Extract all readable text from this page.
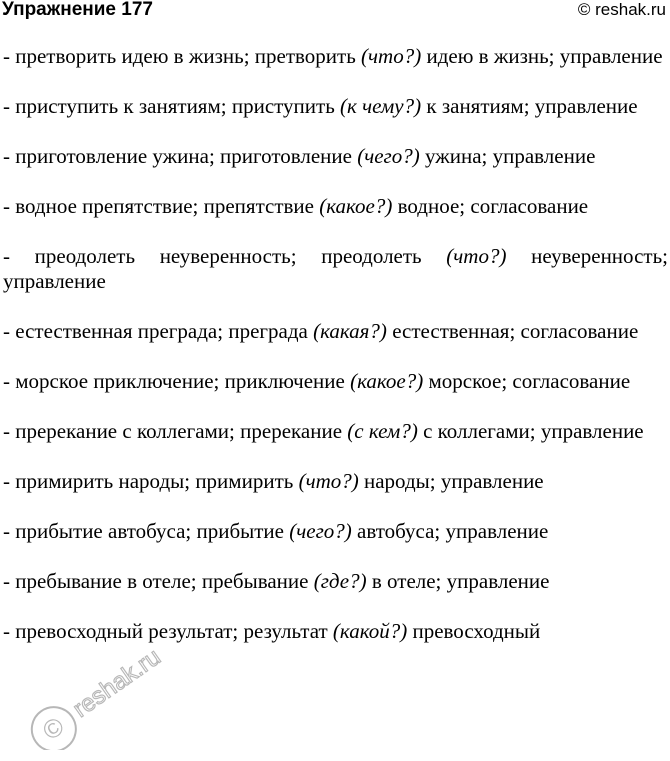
Упражнение 177	© reshak.ru

- претворить идею в жизнь; претворить (что?) идею в жизнь; управление

- приступить к занятиям; приступить (к чему?) к занятиям; управление

- приготовление ужина; приготовление (чего?) ужина; управление

- водное препятствие; препятствие (какое?) водное; согласование

- преодолеть неуверенность; преодолеть (что?) неуверенность; управление

- естественная преграда; преграда (какая?) естественная; согласование

- морское приключение; приключение (какое?) морское; согласование

- пререкание с коллегами; пререкание (с кем?) с коллегами; управление

- примирить народы; примирить (что?) народы; управление

- прибытие автобуса; прибытие (чего?) автобуса; управление

- пребывание в отеле; пребывание (где?) в отеле; управление

- превосходный результат; результат (какой?) превосходный

©
reshak.ru
